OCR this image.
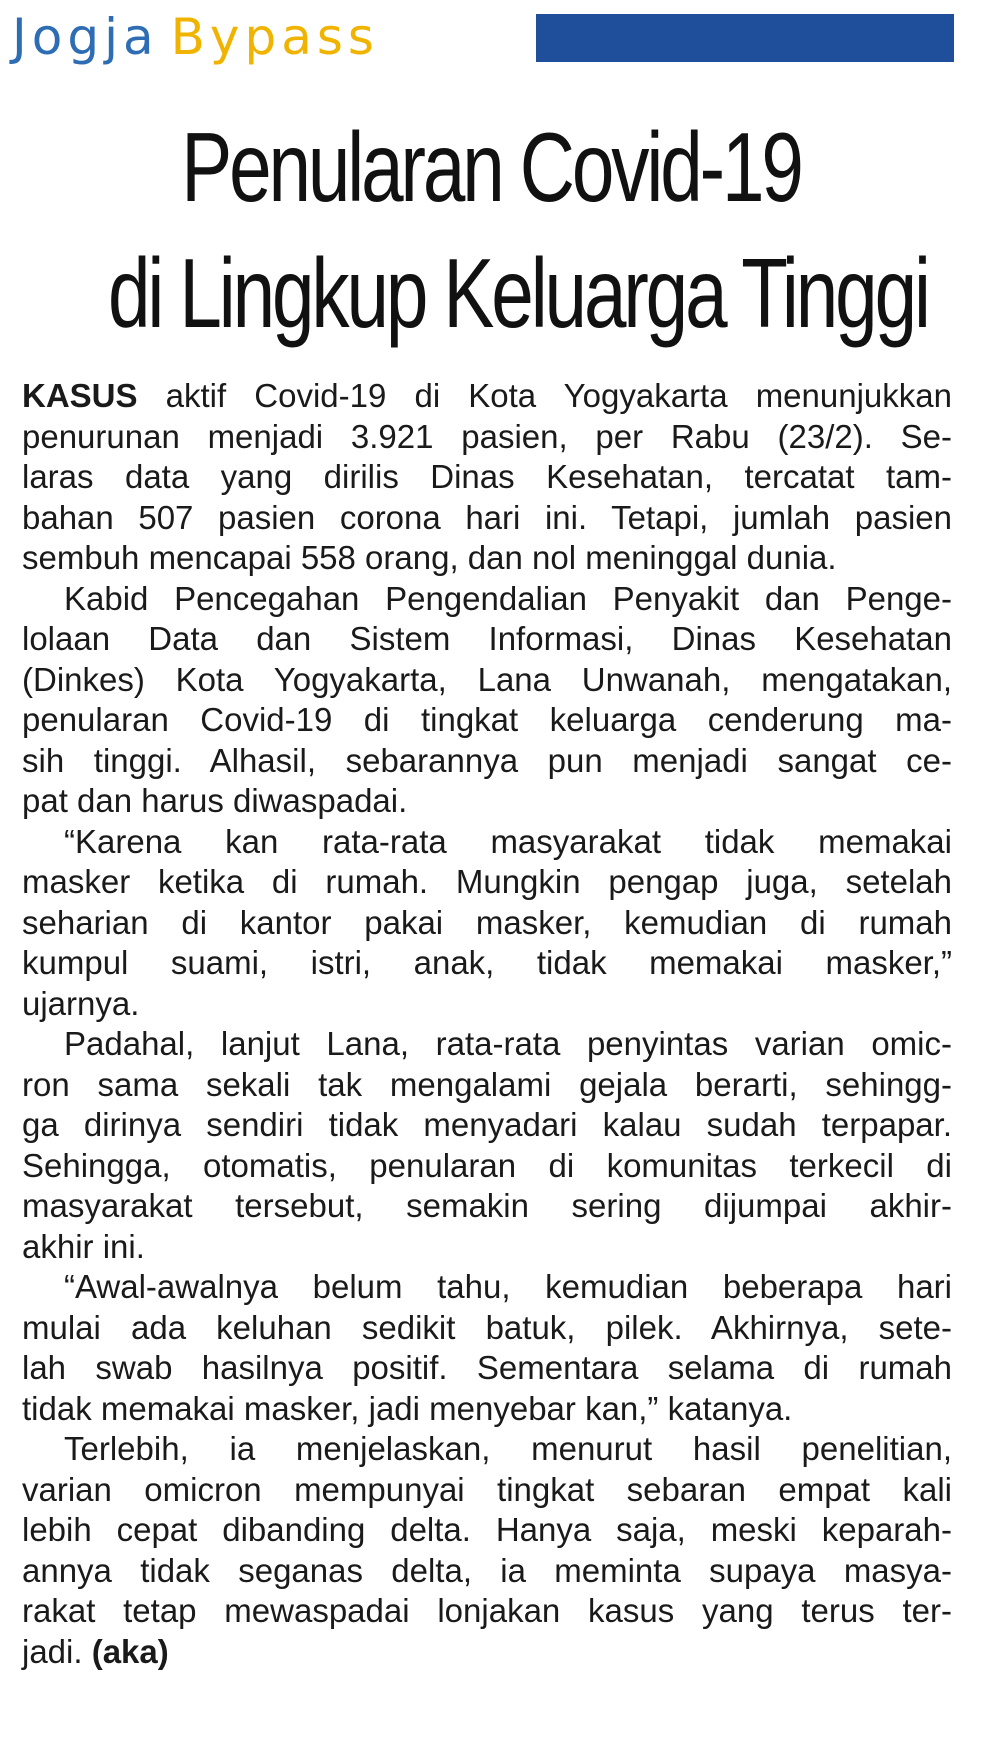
Jogja Bypass
Penularan Covid-19
di Lingkup Keluarga Tinggi
KASUS aktif Covid-19 di Kota Yogyakarta menunjukkan
penurunan menjadi 3.921 pasien, per Rabu (23/2). Se-
laras data yang dirilis Dinas Kesehatan, tercatat tam-
bahan 507 pasien corona hari ini. Tetapi, jumlah pasien
sembuh mencapai 558 orang, dan nol meninggal dunia.
Kabid Pencegahan Pengendalian Penyakit dan Penge-
lolaan Data dan Sistem Informasi, Dinas Kesehatan
(Dinkes) Kota Yogyakarta, Lana Unwanah, mengatakan,
penularan Covid-19 di tingkat keluarga cenderung ma-
sih tinggi. Alhasil, sebarannya pun menjadi sangat ce-
pat dan harus diwaspadai.
“Karena kan rata-rata masyarakat tidak memakai
masker ketika di rumah. Mungkin pengap juga, setelah
seharian di kantor pakai masker, kemudian di rumah
kumpul suami, istri, anak, tidak memakai masker,”
ujarnya.
Padahal, lanjut Lana, rata-rata penyintas varian omic-
ron sama sekali tak mengalami gejala berarti, sehingg-
ga dirinya sendiri tidak menyadari kalau sudah terpapar.
Sehingga, otomatis, penularan di komunitas terkecil di
masyarakat tersebut, semakin sering dijumpai akhir-
akhir ini.
“Awal-awalnya belum tahu, kemudian beberapa hari
mulai ada keluhan sedikit batuk, pilek. Akhirnya, sete-
lah swab hasilnya positif. Sementara selama di rumah
tidak memakai masker, jadi menyebar kan,” katanya.
Terlebih, ia menjelaskan, menurut hasil penelitian,
varian omicron mempunyai tingkat sebaran empat kali
lebih cepat dibanding delta. Hanya saja, meski keparah-
annya tidak seganas delta, ia meminta supaya masya-
rakat tetap mewaspadai lonjakan kasus yang terus ter-
jadi. (aka)
